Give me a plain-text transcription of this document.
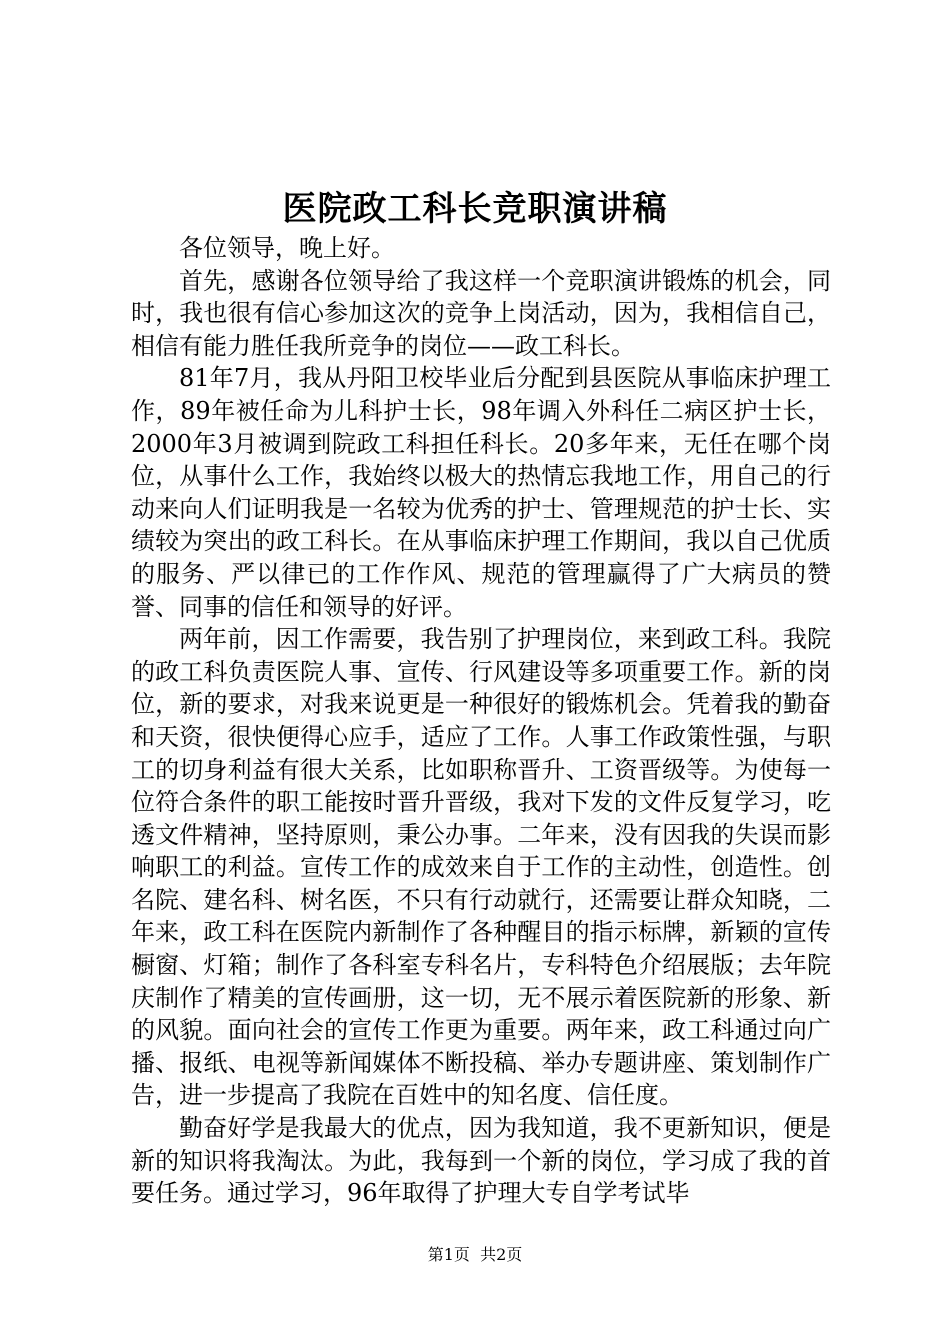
医院政工科长竞职演讲稿

各位领导，晚上好。

首先，感谢各位领导给了我这样一个竞职演讲锻炼的机会，同时，我也很有信心参加这次的竞争上岗活动，因为，我相信自己，相信有能力胜任我所竞争的岗位——政工科长。

81年7月，我从丹阳卫校毕业后分配到县医院从事临床护理工作，89年被任命为儿科护士长，98年调入外科任二病区护士长，2000年3月被调到院政工科担任科长。20多年来，无任在哪个岗位，从事什么工作，我始终以极大的热情忘我地工作，用自己的行动来向人们证明我是一名较为优秀的护士、管理规范的护士长、实绩较为突出的政工科长。在从事临床护理工作期间，我以自己优质的服务、严以律已的工作作风、规范的管理赢得了广大病员的赞誉、同事的信任和领导的好评。

两年前，因工作需要，我告别了护理岗位，来到政工科。我院的政工科负责医院人事、宣传、行风建设等多项重要工作。新的岗位，新的要求，对我来说更是一种很好的锻炼机会。凭着我的勤奋和天资，很快便得心应手，适应了工作。人事工作政策性强，与职工的切身利益有很大关系，比如职称晋升、工资晋级等。为使每一位符合条件的职工能按时晋升晋级，我对下发的文件反复学习，吃透文件精神，坚持原则，秉公办事。二年来，没有因我的失误而影响职工的利益。宣传工作的成效来自于工作的主动性，创造性。创名院、建名科、树名医，不只有行动就行，还需要让群众知晓，二年来，政工科在医院内新制作了各种醒目的指示标牌，新颖的宣传橱窗、灯箱；制作了各科室专科名片，专科特色介绍展版；去年院庆制作了精美的宣传画册，这一切，无不展示着医院新的形象、新的风貌。面向社会的宣传工作更为重要。两年来，政工科通过向广播、报纸、电视等新闻媒体不断投稿、举办专题讲座、策划制作广告，进一步提高了我院在百姓中的知名度、信任度。

勤奋好学是我最大的优点，因为我知道，我不更新知识，便是新的知识将我淘汰。为此，我每到一个新的岗位，学习成了我的首要任务。通过学习，96年取得了护理大专自学考试毕

第1页 共2页
